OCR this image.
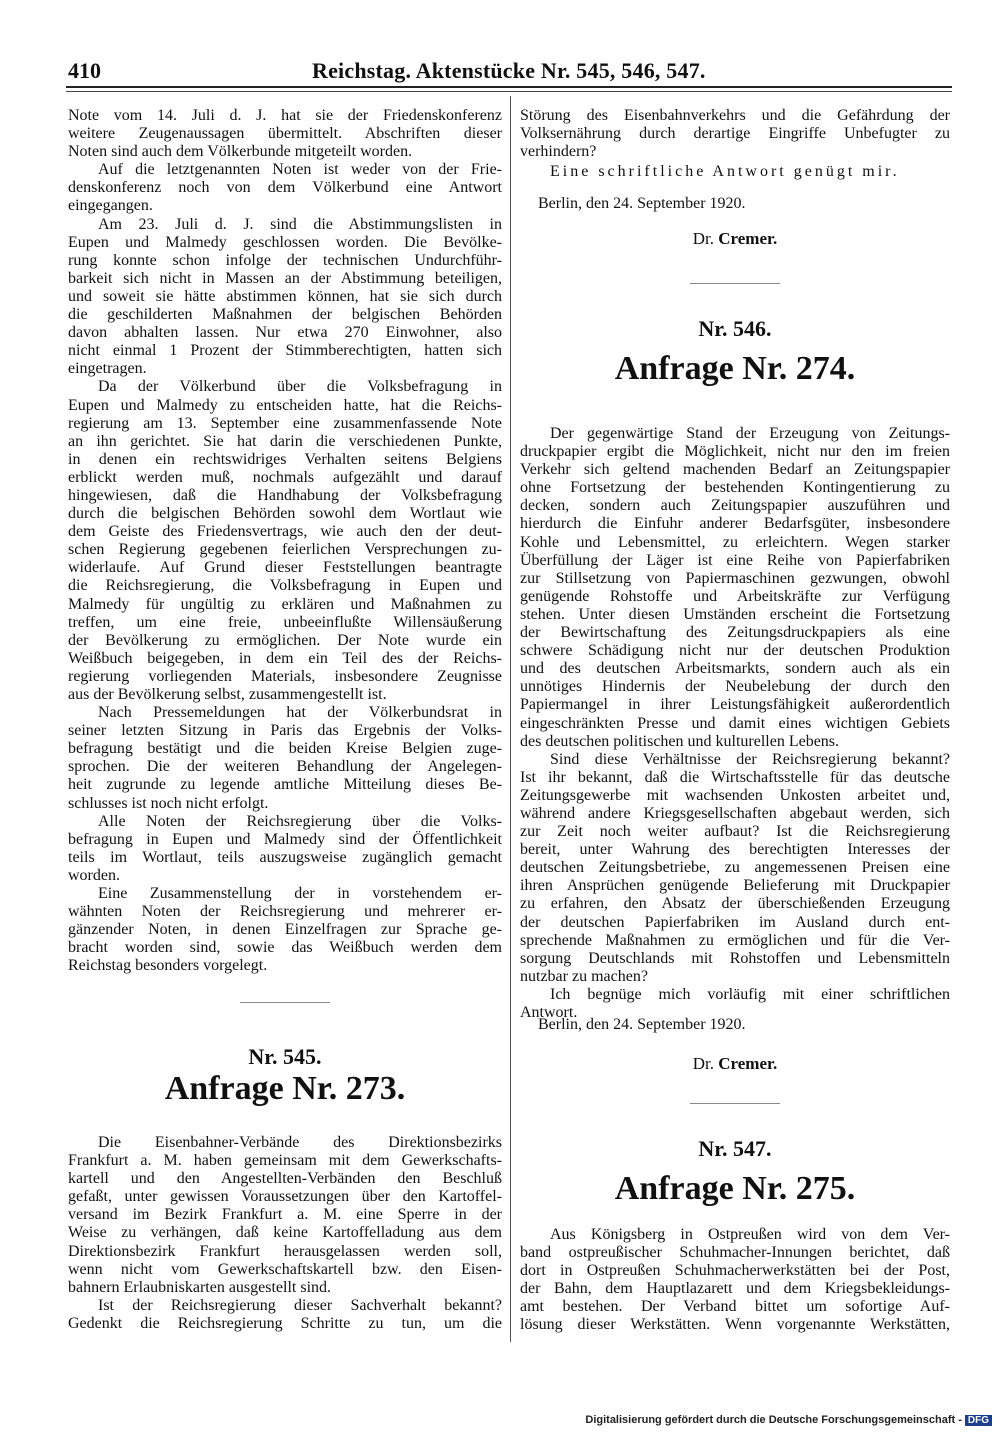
410	Reichstag. Aktenstücke Nr. 545, 546, 547.
Note vom 14. Juli d. J. hat sie der Friedenskonferenz
weitere Zeugenaussagen übermittelt. Abschriften dieser
Noten sind auch dem Völkerbunde mitgeteilt worden.
Auf die letztgenannten Noten ist weder von der Frie-
denskonferenz noch von dem Völkerbund eine Antwort
eingegangen.
Am 23. Juli d. J. sind die Abstimmungslisten in
Eupen und Malmedy geschlossen worden. Die Bevölke-
rung konnte schon infolge der technischen Undurchführ-
barkeit sich nicht in Massen an der Abstimmung beteiligen,
und soweit sie hätte abstimmen können, hat sie sich durch
die geschilderten Maßnahmen der belgischen Behörden
davon abhalten lassen. Nur etwa 270 Einwohner, also
nicht einmal 1 Prozent der Stimmberechtigten, hatten sich
eingetragen.
Da der Völkerbund über die Volksbefragung in
Eupen und Malmedy zu entscheiden hatte, hat die Reichs-
regierung am 13. September eine zusammenfassende Note
an ihn gerichtet. Sie hat darin die verschiedenen Punkte,
in denen ein rechtswidriges Verhalten seitens Belgiens
erblickt werden muß, nochmals aufgezählt und darauf
hingewiesen, daß die Handhabung der Volksbefragung
durch die belgischen Behörden sowohl dem Wortlaut wie
dem Geiste des Friedensvertrags, wie auch den der deut-
schen Regierung gegebenen feierlichen Versprechungen zu-
widerlaufe. Auf Grund dieser Feststellungen beantragte
die Reichsregierung, die Volksbefragung in Eupen und
Malmedy für ungültig zu erklären und Maßnahmen zu
treffen, um eine freie, unbeeinflußte Willensäußerung
der Bevölkerung zu ermöglichen. Der Note wurde ein
Weißbuch beigegeben, in dem ein Teil des der Reichs-
regierung vorliegenden Materials, insbesondere Zeugnisse
aus der Bevölkerung selbst, zusammengestellt ist.
Nach Pressemeldungen hat der Völkerbundsrat in
seiner letzten Sitzung in Paris das Ergebnis der Volks-
befragung bestätigt und die beiden Kreise Belgien zuge-
sprochen. Die der weiteren Behandlung der Angelegen-
heit zugrunde zu legende amtliche Mitteilung dieses Be-
schlusses ist noch nicht erfolgt.
Alle Noten der Reichsregierung über die Volks-
befragung in Eupen und Malmedy sind der Öffentlichkeit
teils im Wortlaut, teils auszugsweise zugänglich gemacht
worden.
Eine Zusammenstellung der in vorstehendem er-
wähnten Noten der Reichsregierung und mehrerer er-
gänzender Noten, in denen Einzelfragen zur Sprache ge-
bracht worden sind, sowie das Weißbuch werden dem
Reichstag besonders vorgelegt.
Nr. 545.
Anfrage Nr. 273.
Die Eisenbahner-Verbände des Direktionsbezirks
Frankfurt a. M. haben gemeinsam mit dem Gewerkschafts-
kartell und den Angestellten-Verbänden den Beschluß
gefaßt, unter gewissen Voraussetzungen über den Kartoffel-
versand im Bezirk Frankfurt a. M. eine Sperre in der
Weise zu verhängen, daß keine Kartoffelladung aus dem
Direktionsbezirk Frankfurt herausgelassen werden soll,
wenn nicht vom Gewerkschaftskartell bzw. den Eisen-
bahnern Erlaubniskarten ausgestellt sind.
Ist der Reichsregierung dieser Sachverhalt bekannt?
Gedenkt die Reichsregierung Schritte zu tun, um die
Störung des Eisenbahnverkehrs und die Gefährdung der
Volksernährung durch derartige Eingriffe Unbefugter zu
verhindern?
Eine schriftliche Antwort genügt mir.
Berlin, den 24. September 1920.
Dr. Cremer.
Nr. 546.
Anfrage Nr. 274.
Der gegenwärtige Stand der Erzeugung von Zeitungs-
druckpapier ergibt die Möglichkeit, nicht nur den im freien
Verkehr sich geltend machenden Bedarf an Zeitungspapier
ohne Fortsetzung der bestehenden Kontingentierung zu
decken, sondern auch Zeitungspapier auszuführen und
hierdurch die Einfuhr anderer Bedarfsgüter, insbesondere
Kohle und Lebensmittel, zu erleichtern. Wegen starker
Überfüllung der Läger ist eine Reihe von Papierfabriken
zur Stillsetzung von Papiermaschinen gezwungen, obwohl
genügende Rohstoffe und Arbeitskräfte zur Verfügung
stehen. Unter diesen Umständen erscheint die Fortsetzung
der Bewirtschaftung des Zeitungsdruckpapiers als eine
schwere Schädigung nicht nur der deutschen Produktion
und des deutschen Arbeitsmarkts, sondern auch als ein
unnötiges Hindernis der Neubelebung der durch den
Papiermangel in ihrer Leistungsfähigkeit außerordentlich
eingeschränkten Presse und damit eines wichtigen Gebiets
des deutschen politischen und kulturellen Lebens.
Sind diese Verhältnisse der Reichsregierung bekannt?
Ist ihr bekannt, daß die Wirtschaftsstelle für das deutsche
Zeitungsgewerbe mit wachsenden Unkosten arbeitet und,
während andere Kriegsgesellschaften abgebaut werden, sich
zur Zeit noch weiter aufbaut? Ist die Reichsregierung
bereit, unter Wahrung des berechtigten Interesses der
deutschen Zeitungsbetriebe, zu angemessenen Preisen eine
ihren Ansprüchen genügende Belieferung mit Druckpapier
zu erfahren, den Absatz der überschießenden Erzeugung
der deutschen Papierfabriken im Ausland durch ent-
sprechende Maßnahmen zu ermöglichen und für die Ver-
sorgung Deutschlands mit Rohstoffen und Lebensmitteln
nutzbar zu machen?
Ich begnüge mich vorläufig mit einer schriftlichen
Antwort.
Berlin, den 24. September 1920.
Dr. Cremer.
Nr. 547.
Anfrage Nr. 275.
Aus Königsberg in Ostpreußen wird von dem Ver-
band ostpreußischer Schuhmacher-Innungen berichtet, daß
dort in Ostpreußen Schuhmacherwerkstätten bei der Post,
der Bahn, dem Hauptlazarett und dem Kriegsbekleidungs-
amt bestehen. Der Verband bittet um sofortige Auf-
lösung dieser Werkstätten. Wenn vorgenannte Werkstätten,
Digitalisierung gefördert durch die Deutsche Forschungsgemeinschaft - DFG
